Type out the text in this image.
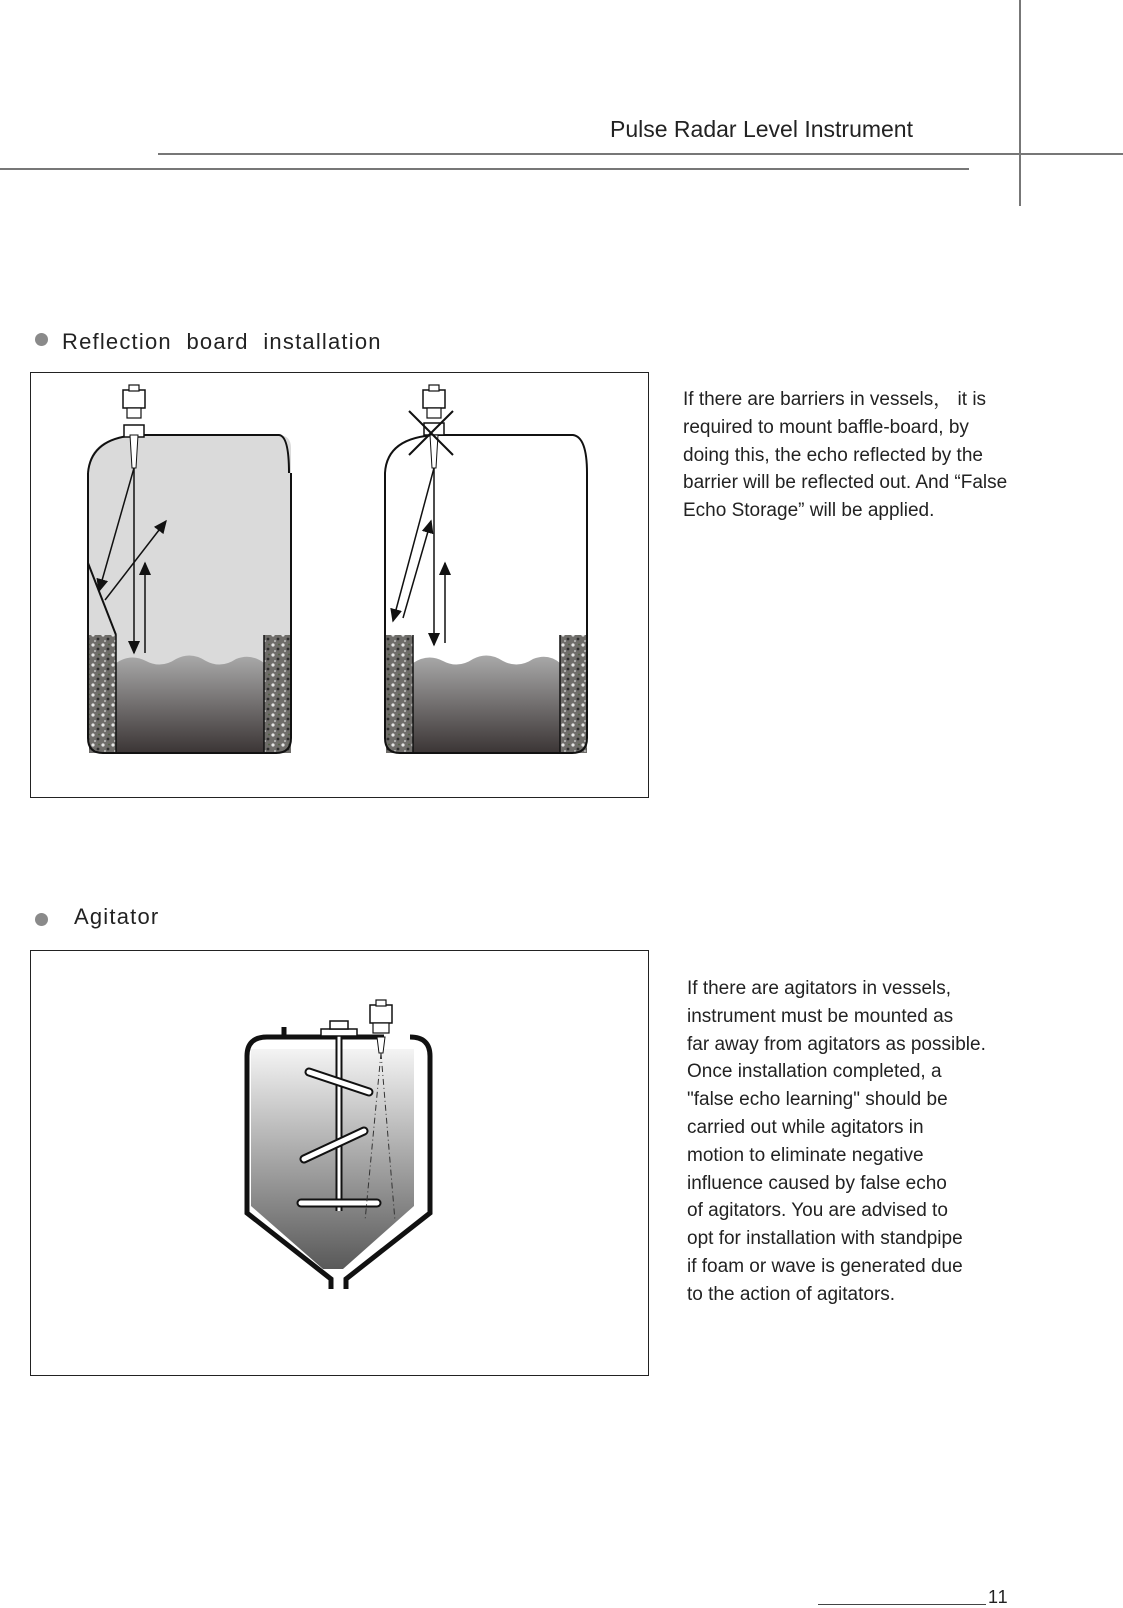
Pulse Radar Level Instrument
Reflection  board  installation
If there are barriers in vessels， it is
required to mount baffle-board, by
doing this, the echo reflected by the
barrier will be reflected out. And “False
Echo Storage” will be applied.
Agitator
If there are agitators in vessels,
instrument must be mounted as
far away from agitators as possible.
Once installation completed, a
"false echo learning" should be
carried out while agitators in
motion to eliminate negative
influence caused by false echo
of agitators. You are advised to
opt for installation with standpipe
if foam or wave is generated due
to the action of agitators.
11
